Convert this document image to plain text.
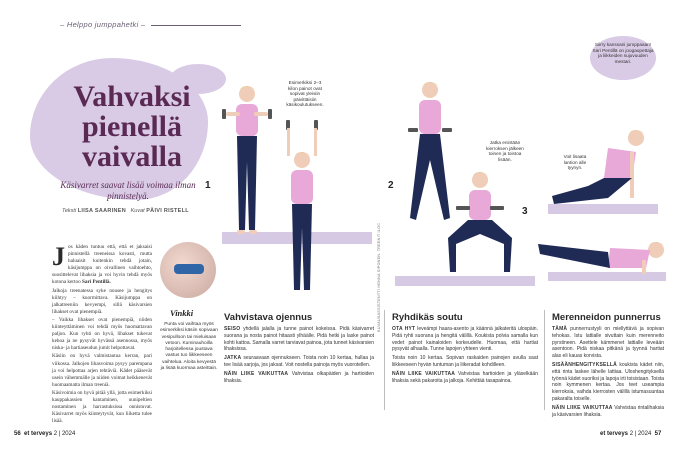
– Helppo jumppahetki –
Vahvaksi
pienellä
vaivalla
Käsivarret saavat lisää voimaa ilman pinnistelyä.
Teksti LIISA SAARINEN Kuvat PÄIVI RISTELL
J os käden tuntuu että, että et jaksaisi pinnistellä treeneissa kovasti, mutta haluaisit kuitenkin tehdä jotain, käsijumppa on oivallinen vaihtoehto, suosittelevat lihaksia ja voi hyvin tehdä myös kotona kertoo Sari Pentillä.

Jalkoja treenatessa syke nousee ja hengitys kiihtyy – kuormittava. Käsijumppa on jalkatreeniin kevyempi, sillä käsivarsien lihakset ovat pienempiä.

– Vaikka lihakset ovat pienempiä, niiden kiinteyttäminen voi tehdä myös huomattavan paljon. Kun ryhti on hyvä, lihakset tukevat kehoa ja ne pysyvät hyvässä asennossa, myös niska- ja hartiaseudun jumit helpottavat.

Käsiin on hyvä valmistautua kerran, pari viikossa. Jalkojen lihasvoima pysyy parempana ja voi helpottaa arjen tehtäviä. Kädet pääsevät usein vähemmälle ja niiden voimat heikkenevät huomaamatta ilman treeniä.

Käsivoimia on hyvä pitää yllä, jotta esimerkiksi kauppakassien kantaminen, uunipeltien nostaminen ja harrastuksissa onnistuvat. Käsivarret myös kiinteytyvät, kun liiketta tulee lisää.

Vinkki
Punta voi vaihtaa myös esimerkiksi käsiin sopivaan vesipulloon tai mieluisaan vetoon. Kuminauhoilla harjoitellessa joustava vastus tuo liikkeeseen vaihtelua. Aloita kevyestä ja lisää kuormaa asteittain.
Siirry kanssani jumppaaan! Sari Pentillä on joogaopettaja ja liikkeiden sujuvuuden mestari.
1	2
3
Esimerkiksi 2–3 kilon painot ovat sopivat yleisiin päivittäisiin käsikoulutukseen.
Jatka enintään kierroksen jälkeen toinen ja toistoa lisään.
Voit lisaata lantion alle tyynyn.
KUVAUSASSISTENTTI HENNA SIPONEN. TREENIT ILOC
Vahvistava ojennus

SEISO yhdellä jalalla ja tunne painot kokeissa. Pidä käsivarret suorana ja nosta painot hitaasti ylhäälle. Pidä hetki ja laske painot kohti kattoa. Samalla varret tarviavat painoa, jota tunnet käsivarsien lihaksissa.

JATKA seuraavaan ojennukseen. Toista noin 10 kertaa, hullaa ja tee lisää sarjoja, jos jaksat. Voit nostella painoja myös vuorotellen.

NÄIN LIIKE VAIKUTTAA Vahvistaa olkapäiden ja hartioiden lihaksia.

Ryhdikäs soutu

OTA HYT leveämpi haara-asento ja käännä jalkateritä ulospäin. Pidä ryhti suorana ja hengitä välillä. Koukista polvia samalla kun vedet painot kainaloiden korkeudelle. Huomaa, että hartiat pysyvät alhaalla. Tunne lapojen yhteen vienti.

Toista noin 10 kertaa. Sopivan raskaiden painojen avulla saat liikkeeseen hyvän tuntuman ja liikeradat kohdilleen.

NÄIN LIIKE VAIKUTTAA Vahvistaa hartioiden ja yläselkään lihaksia sekä pakaroita ja jalkoja. Kehittää tasapainoa.

Merenneidon punnerrus

TÄMÄ punnerrustyyli on miellyttävä ja sopivan tehokas. Istu lattialle sivuttain kuin merenneito pyrstineen. Asettele kämmenet lattialle leveään asentoon. Pidä niskaa pitkänä ja tyynnä hartiat alas eli kauas korvista.

SISÄÄNHENGITYKSELLÄ koukista kädet niin, että rinta laskee lähelle lattiaa. Uloshengityksellä työnnä kädet suoriksi ja lapoja irti toisistaan. Toista noin kymmenen kertaa. Jos teet useampia kierroksia, vaihda kierrosten välillä istumasuuntaa pakaralta toiselle.

NÄIN LIIKE VAIKUTTAA Vahvistaa rintalihaksia ja käsivarsien lihaksia.

56 et terveys 2 | 2024	et terveys 2 | 2024 57
